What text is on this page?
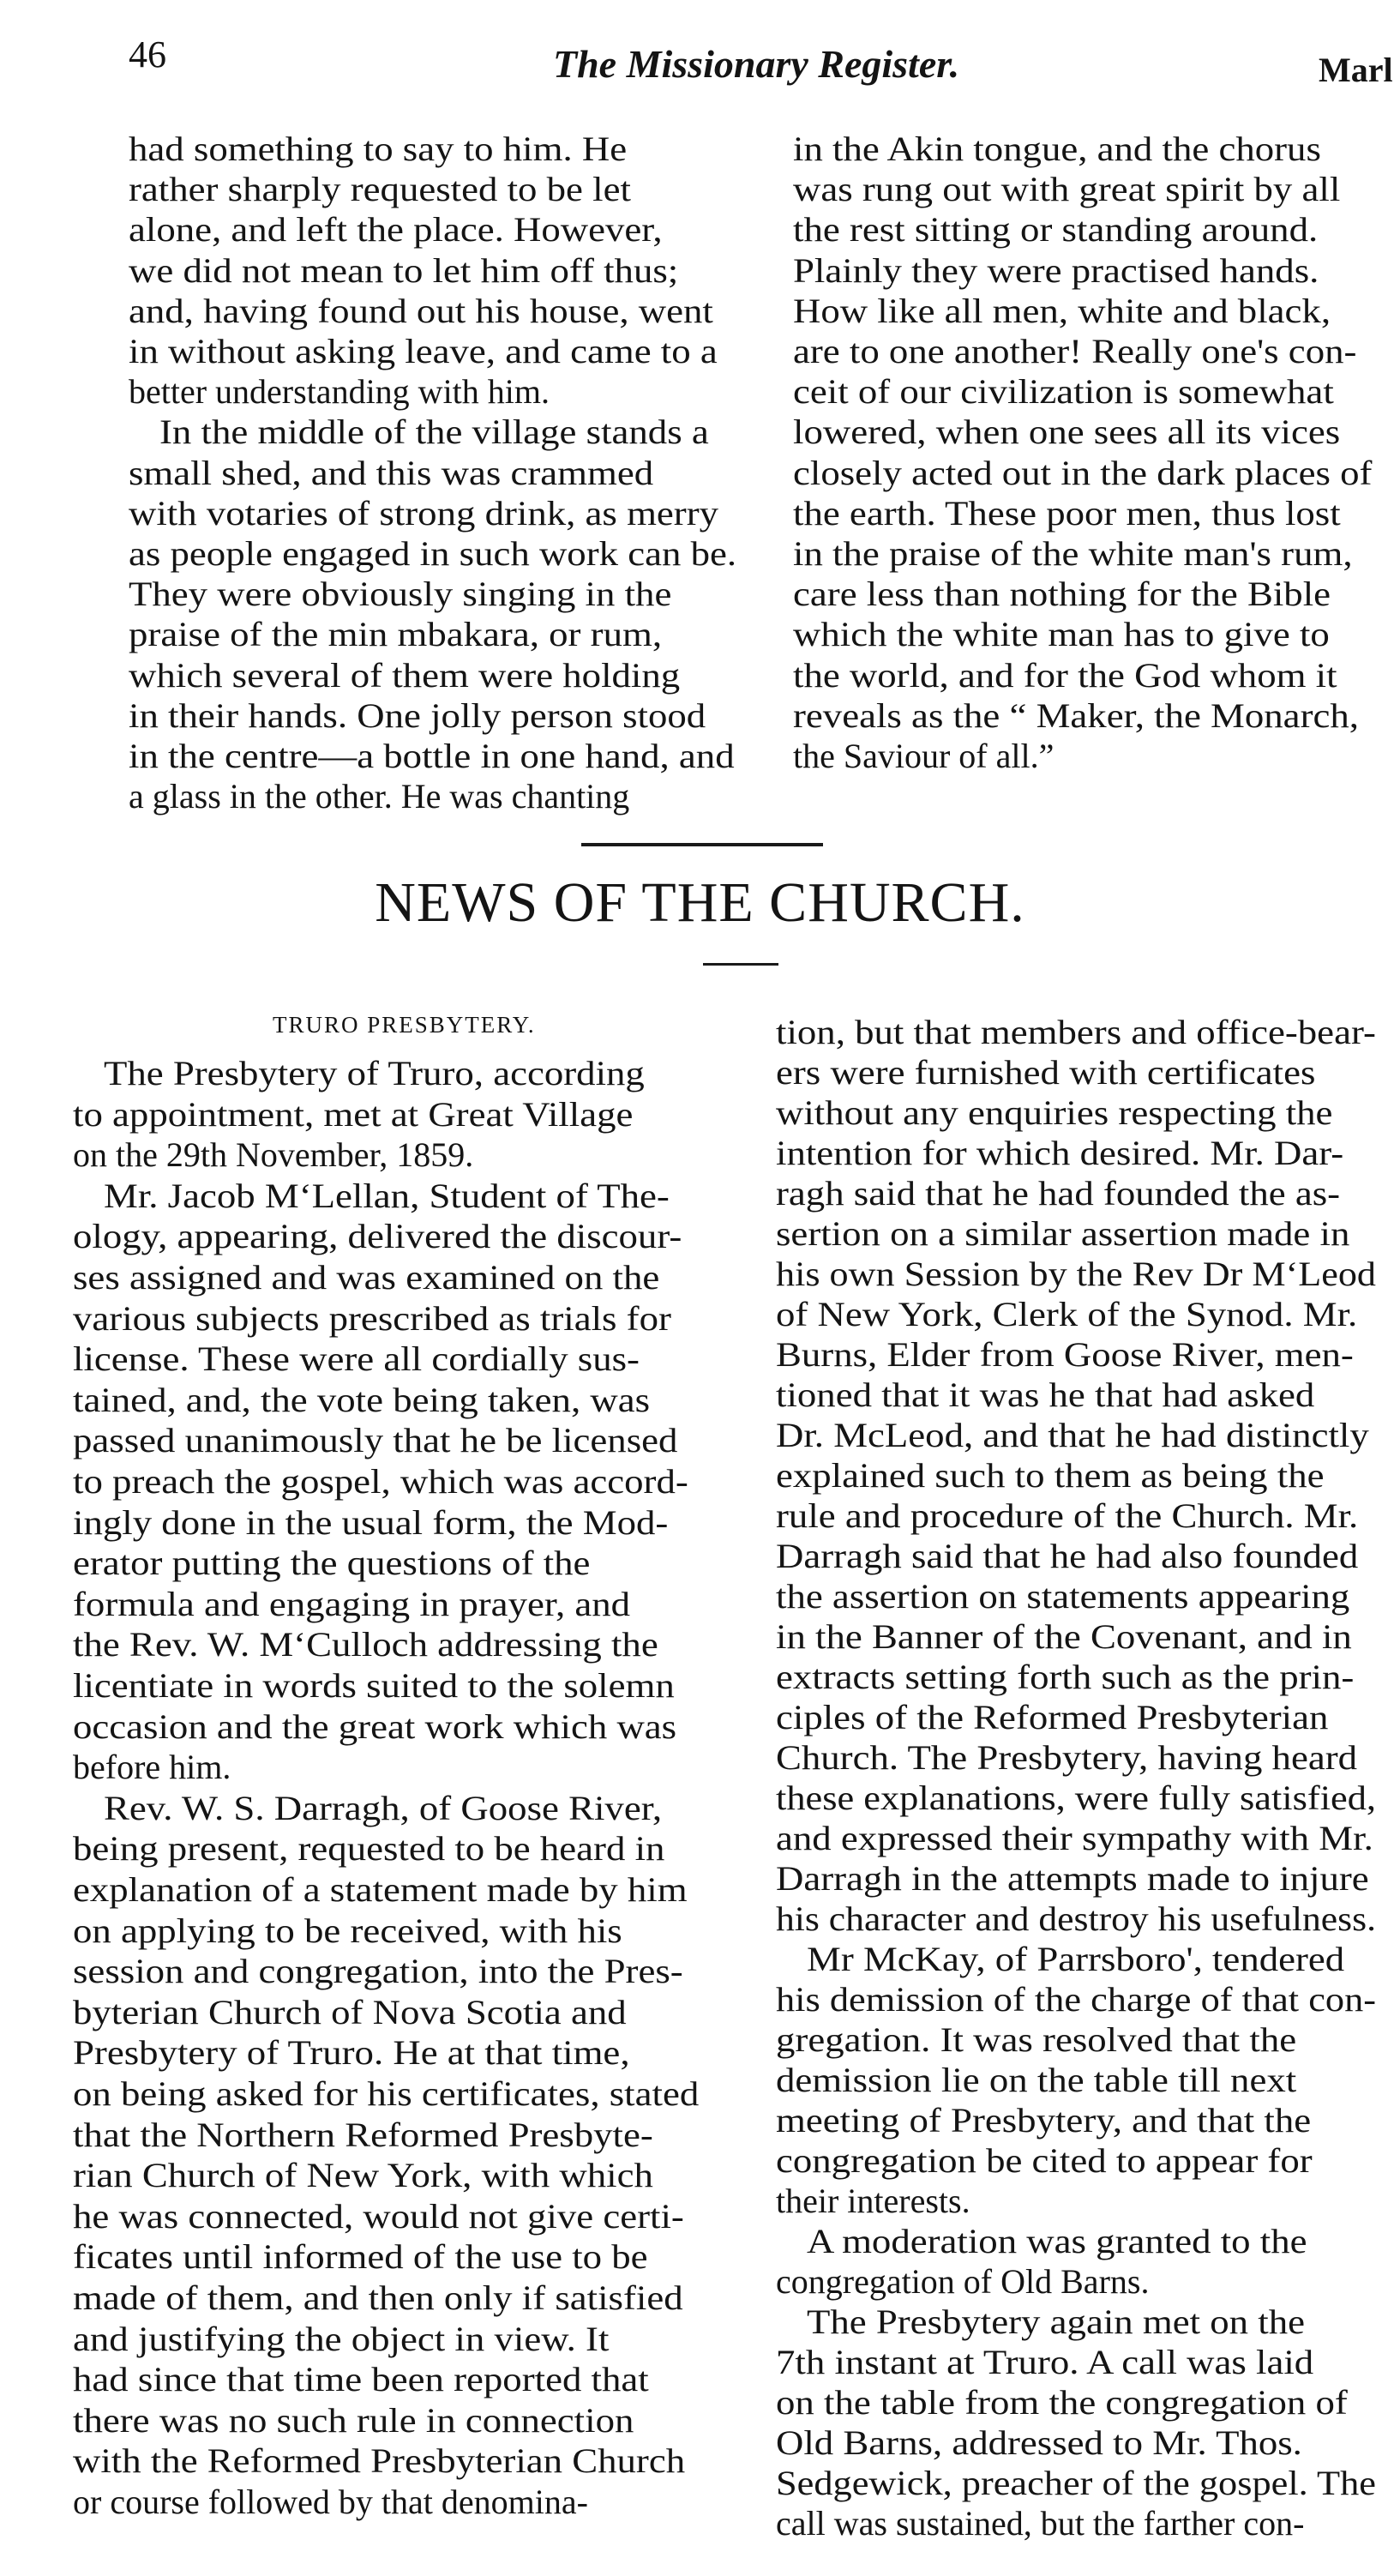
46	The Missionary Register.	Marl
had something to say to him. He
rather sharply requested to be let
alone, and left the place. However,
we did not mean to let him off thus;
and, having found out his house, went
in without asking leave, and came to a
better understanding with him.
In the middle of the village stands a
small shed, and this was crammed
with votaries of strong drink, as merry
as people engaged in such work can be.
They were obviously singing in the
praise of the min mbakara, or rum,
which several of them were holding
in their hands. One jolly person stood
in the centre—a bottle in one hand, and
a glass in the other. He was chanting
in the Akin tongue, and the chorus
was rung out with great spirit by all
the rest sitting or standing around.
Plainly they were practised hands.
How like all men, white and black,
are to one another! Really one's con-
ceit of our civilization is somewhat
lowered, when one sees all its vices
closely acted out in the dark places of
the earth. These poor men, thus lost
in the praise of the white man's rum,
care less than nothing for the Bible
which the white man has to give to
the world, and for the God whom it
reveals as the “ Maker, the Monarch,
the Saviour of all.”
NEWS OF THE CHURCH.
TRURO PRESBYTERY.
The Presbytery of Truro, according
to appointment, met at Great Village
on the 29th November, 1859.
Mr. Jacob M‘Lellan, Student of The-
ology, appearing, delivered the discour-
ses assigned and was examined on the
various subjects prescribed as trials for
license. These were all cordially sus-
tained, and, the vote being taken, was
passed unanimously that he be licensed
to preach the gospel, which was accord-
ingly done in the usual form, the Mod-
erator putting the questions of the
formula and engaging in prayer, and
the Rev. W. M‘Culloch addressing the
licentiate in words suited to the solemn
occasion and the great work which was
before him.
Rev. W. S. Darragh, of Goose River,
being present, requested to be heard in
explanation of a statement made by him
on applying to be received, with his
session and congregation, into the Pres-
byterian Church of Nova Scotia and
Presbytery of Truro. He at that time,
on being asked for his certificates, stated
that the Northern Reformed Presbyte-
rian Church of New York, with which
he was connected, would not give certi-
ficates until informed of the use to be
made of them, and then only if satisfied
and justifying the object in view. It
had since that time been reported that
there was no such rule in connection
with the Reformed Presbyterian Church
or course followed by that denomina-
tion, but that members and office-bear-
ers were furnished with certificates
without any enquiries respecting the
intention for which desired. Mr. Dar-
ragh said that he had founded the as-
sertion on a similar assertion made in
his own Session by the Rev Dr M‘Leod
of New York, Clerk of the Synod. Mr.
Burns, Elder from Goose River, men-
tioned that it was he that had asked
Dr. McLeod, and that he had distinctly
explained such to them as being the
rule and procedure of the Church. Mr.
Darragh said that he had also founded
the assertion on statements appearing
in the Banner of the Covenant, and in
extracts setting forth such as the prin-
ciples of the Reformed Presbyterian
Church. The Presbytery, having heard
these explanations, were fully satisfied,
and expressed their sympathy with Mr.
Darragh in the attempts made to injure
his character and destroy his usefulness.
Mr McKay, of Parrsboro', tendered
his demission of the charge of that con-
gregation. It was resolved that the
demission lie on the table till next
meeting of Presbytery, and that the
congregation be cited to appear for
their interests.
A moderation was granted to the
congregation of Old Barns.
The Presbytery again met on the
7th instant at Truro. A call was laid
on the table from the congregation of
Old Barns, addressed to Mr. Thos.
Sedgewick, preacher of the gospel. The
call was sustained, but the farther con-
